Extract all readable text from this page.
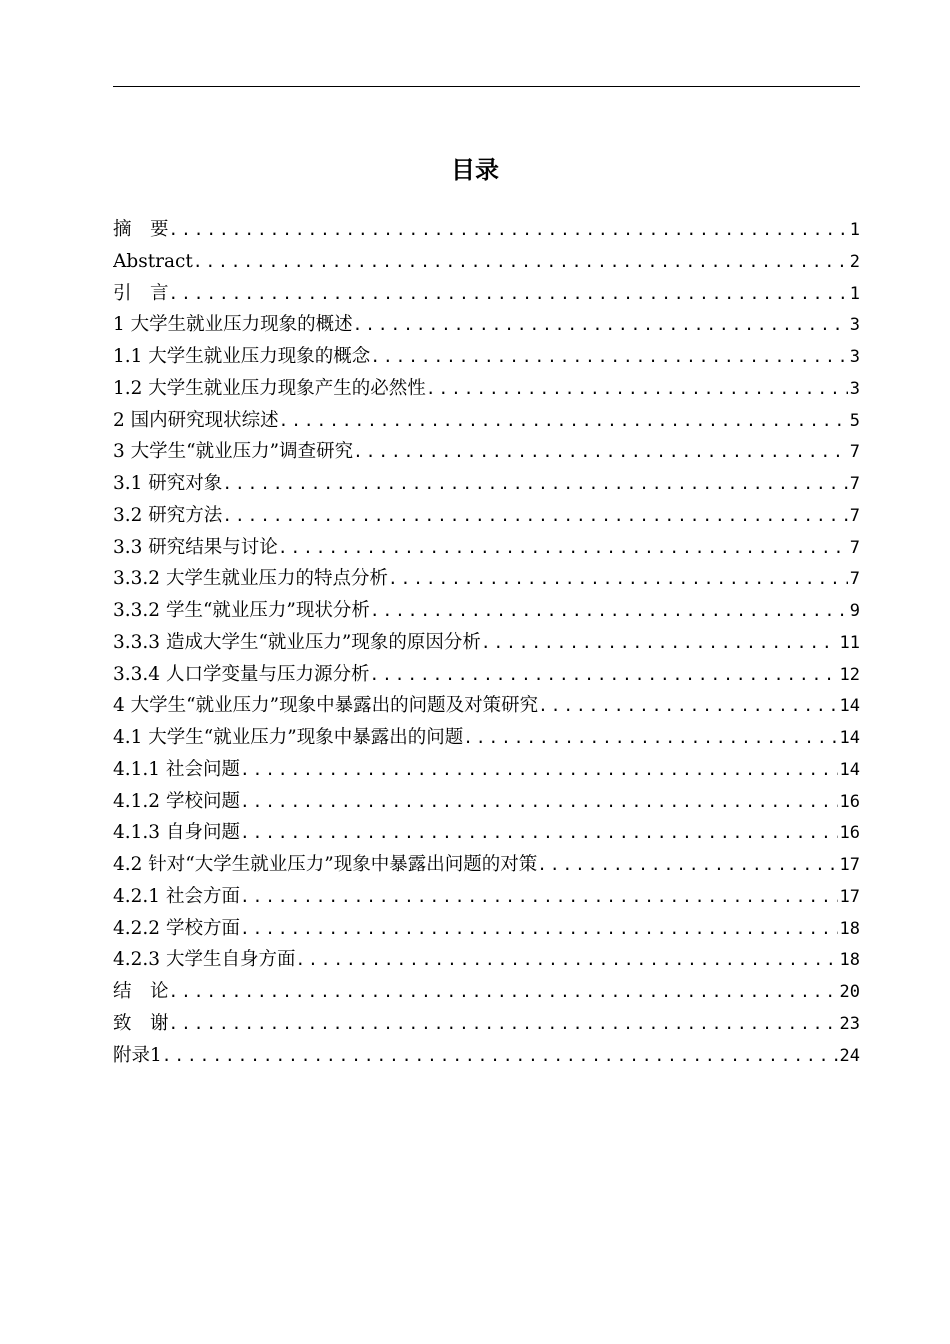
目录
摘　要 .....	1
Abstract .....	2
引　言 .....	1
1 大学生就业压力现象的概述 .....	3
1.1 大学生就业压力现象的概念 .....	3
1.2 大学生就业压力现象产生的必然性 .....	3
2 国内研究现状综述 .....	5
3 大学生“就业压力”调查研究 .....	7
3.1 研究对象 .....	7
3.2 研究方法 .....	7
3.3 研究结果与讨论 .....	7
3.3.2 大学生就业压力的特点分析 .....	7
3.3.2 学生“就业压力”现状分析 .....	9
3.3.3 造成大学生“就业压力”现象的原因分析 .....	11
3.3.4 人口学变量与压力源分析 .....	12
4 大学生“就业压力”现象中暴露出的问题及对策研究 .....	14
4.1 大学生“就业压力”现象中暴露出的问题 .....	14
4.1.1 社会问题 .....	14
4.1.2 学校问题 .....	16
4.1.3 自身问题 .....	16
4.2 针对“大学生就业压力”现象中暴露出问题的对策 .....	17
4.2.1 社会方面 .....	17
4.2.2 学校方面 .....	18
4.2.3 大学生自身方面 .....	18
结　论 .....	20
致　谢 .....	23
附录1 .....	24
